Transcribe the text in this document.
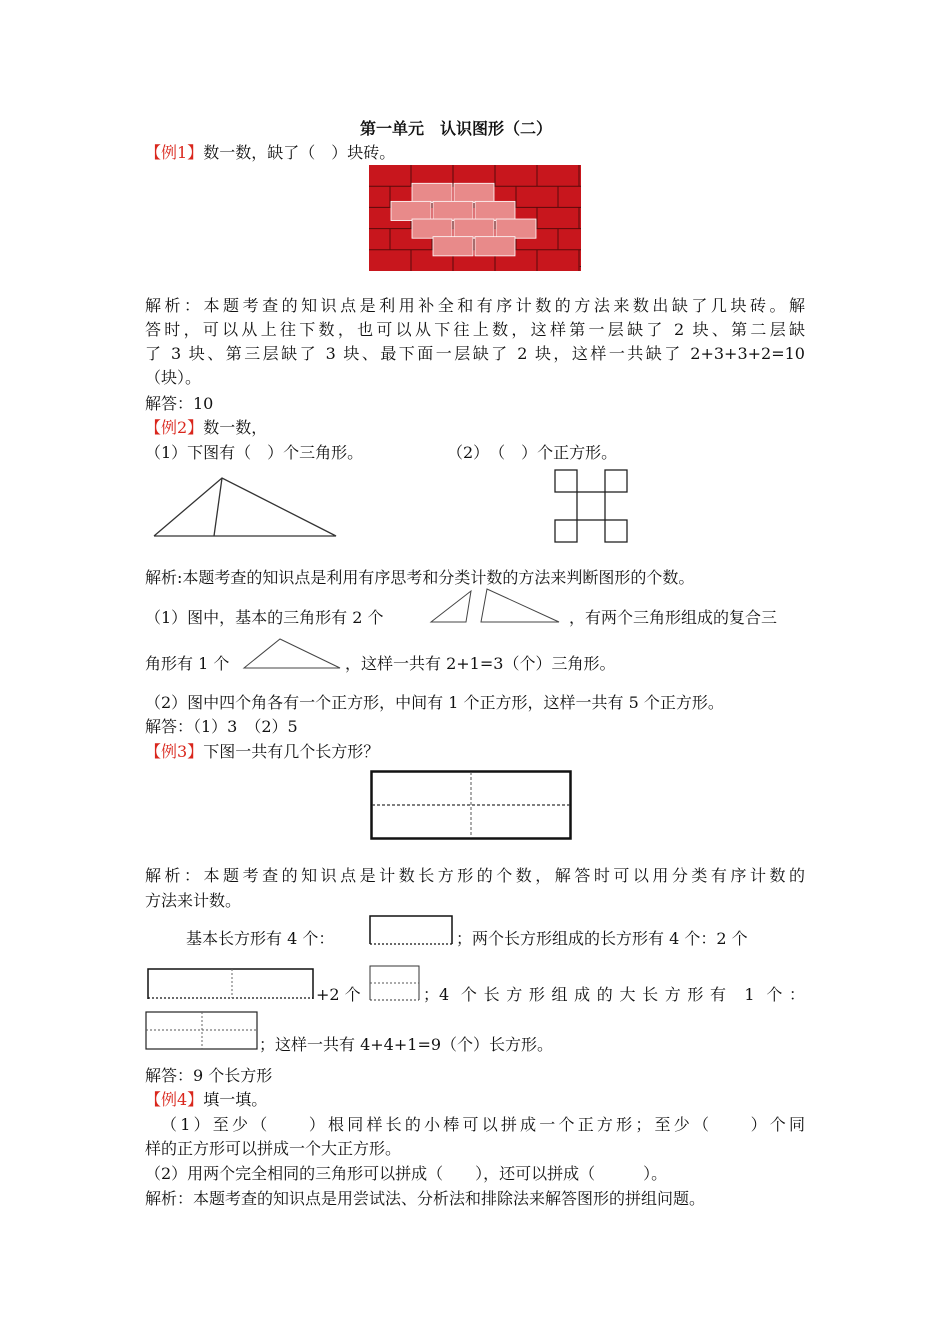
第一单元　认识图形（二）
【例1】数一数，缺了（　）块砖。
.
解析：本题考查的知识点是利用补全和有序计数的方法来数出缺了几块砖。解
答时，可以从上往下数，也可以从下往上数，这样第一层缺了 2 块、第二层缺
了 3 块、第三层缺了 3 块、最下面一层缺了 2 块，这样一共缺了 2+3+3+2=10
（块）。
解答：10
【例2】数一数，
（1）下图有（　）个三角形。	（2）　（　）个正方形。
解析:本题考查的知识点是利用有序思考和分类计数的方法来判断图形的个数。
（1）图中，基本的三角形有 2 个	，有两个三角形组成的复合三
角形有 1 个	，这样一共有 2+1=3（个）三角形。
（2）图中四个角各有一个正方形，中间有 1 个正方形，这样一共有 5 个正方形。
解答：（1）3　（2）5
【例3】下图一共有几个长方形？
解析：本题考查的知识点是计数长方形的个数，解答时可以用分类有序计数的
方法来计数。
基本长方形有 4 个：	；两个长方形组成的长方形有 4 个：2 个
+2 个	；4 个长方形组成的大长方形有 1 个：
；这样一共有 4+4+1=9（个）长方形。
解答：9 个长方形
【例4】填一填。
（1）至少（　　）根同样长的小棒可以拼成一个正方形；至少（　　）个同
样的正方形可以拼成一个大正方形。
（2）用两个完全相同的三角形可以拼成（　　），还可以拼成（　　　）。
解析：本题考查的知识点是用尝试法、分析法和排除法来解答图形的拼组问题。
